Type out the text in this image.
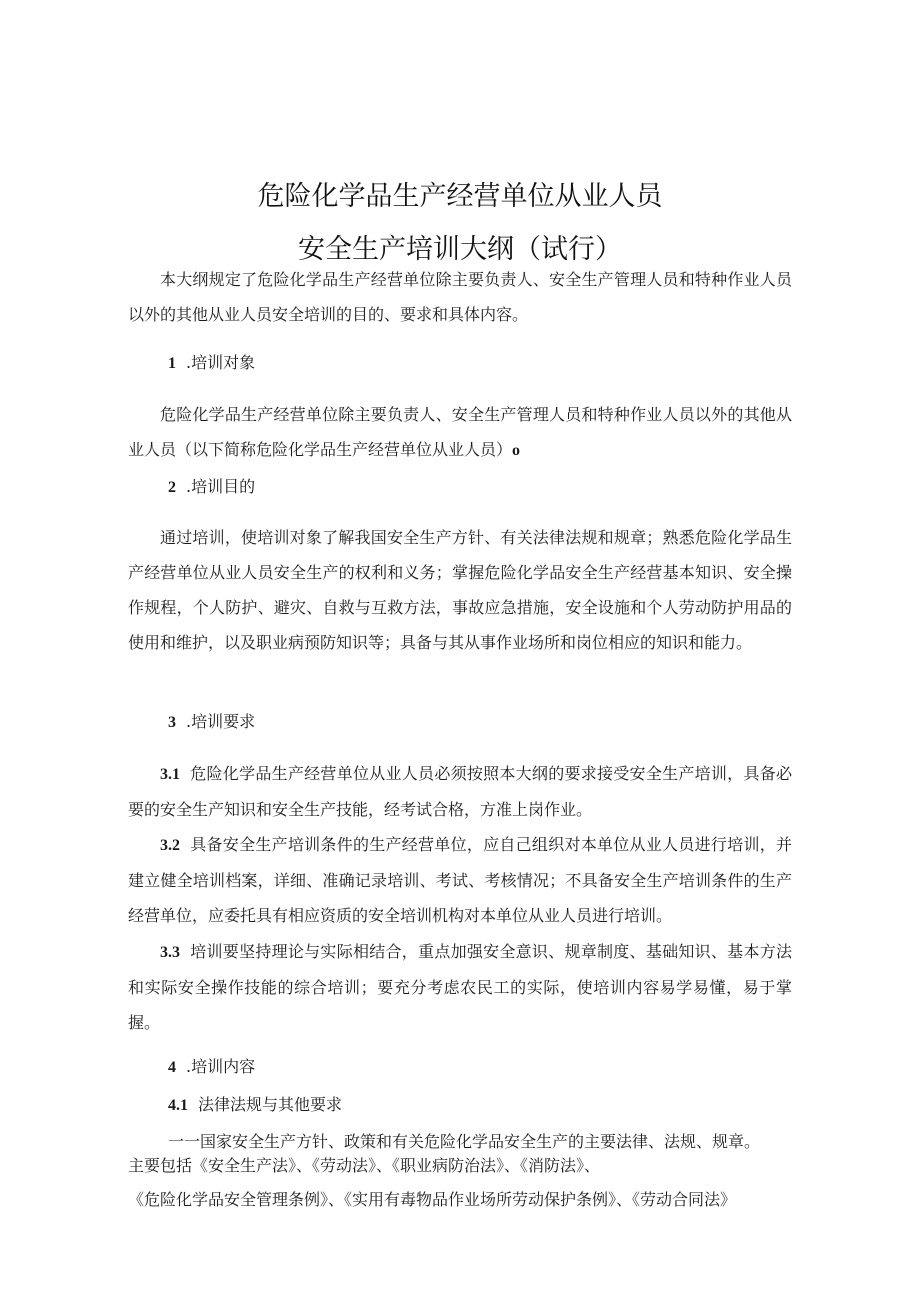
危险化学品生产经营单位从业人员
安全生产培训大纲（试行）

本大纲规定了危险化学品生产经营单位除主要负责人、安全生产管理人员和特种作业人员以外的其他从业人员安全培训的目的、要求和具体内容。

1 .培训对象

危险化学品生产经营单位除主要负责人、安全生产管理人员和特种作业人员以外的其他从业人员（以下简称危险化学品生产经营单位从业人员）o

2 .培训目的

通过培训，使培训对象了解我国安全生产方针、有关法律法规和规章；熟悉危险化学品生产经营单位从业人员安全生产的权利和义务；掌握危险化学品安全生产经营基本知识、安全操作规程，个人防护、避灾、自救与互救方法，事故应急措施，安全设施和个人劳动防护用品的使用和维护，以及职业病预防知识等；具备与其从事作业场所和岗位相应的知识和能力。

3 .培训要求

3.1 危险化学品生产经营单位从业人员必须按照本大纲的要求接受安全生产培训，具备必要的安全生产知识和安全生产技能，经考试合格，方准上岗作业。

3.2 具备安全生产培训条件的生产经营单位，应自己组织对本单位从业人员进行培训，并建立健全培训档案，详细、准确记录培训、考试、考核情况；不具备安全生产培训条件的生产经营单位，应委托具有相应资质的安全培训机构对本单位从业人员进行培训。

3.3 培训要坚持理论与实际相结合，重点加强安全意识、规章制度、基础知识、基本方法和实际安全操作技能的综合培训；要充分考虑农民工的实际，使培训内容易学易懂，易于掌握。

4 .培训内容
4.1 法律法规与其他要求
一一国家安全生产方针、政策和有关危险化学品安全生产的主要法律、法规、规章。
主要包括《安全生产法》、《劳动法》、《职业病防治法》、《消防法》、
《危险化学品安全管理条例》、《实用有毒物品作业场所劳动保护条例》、《劳动合同法》
